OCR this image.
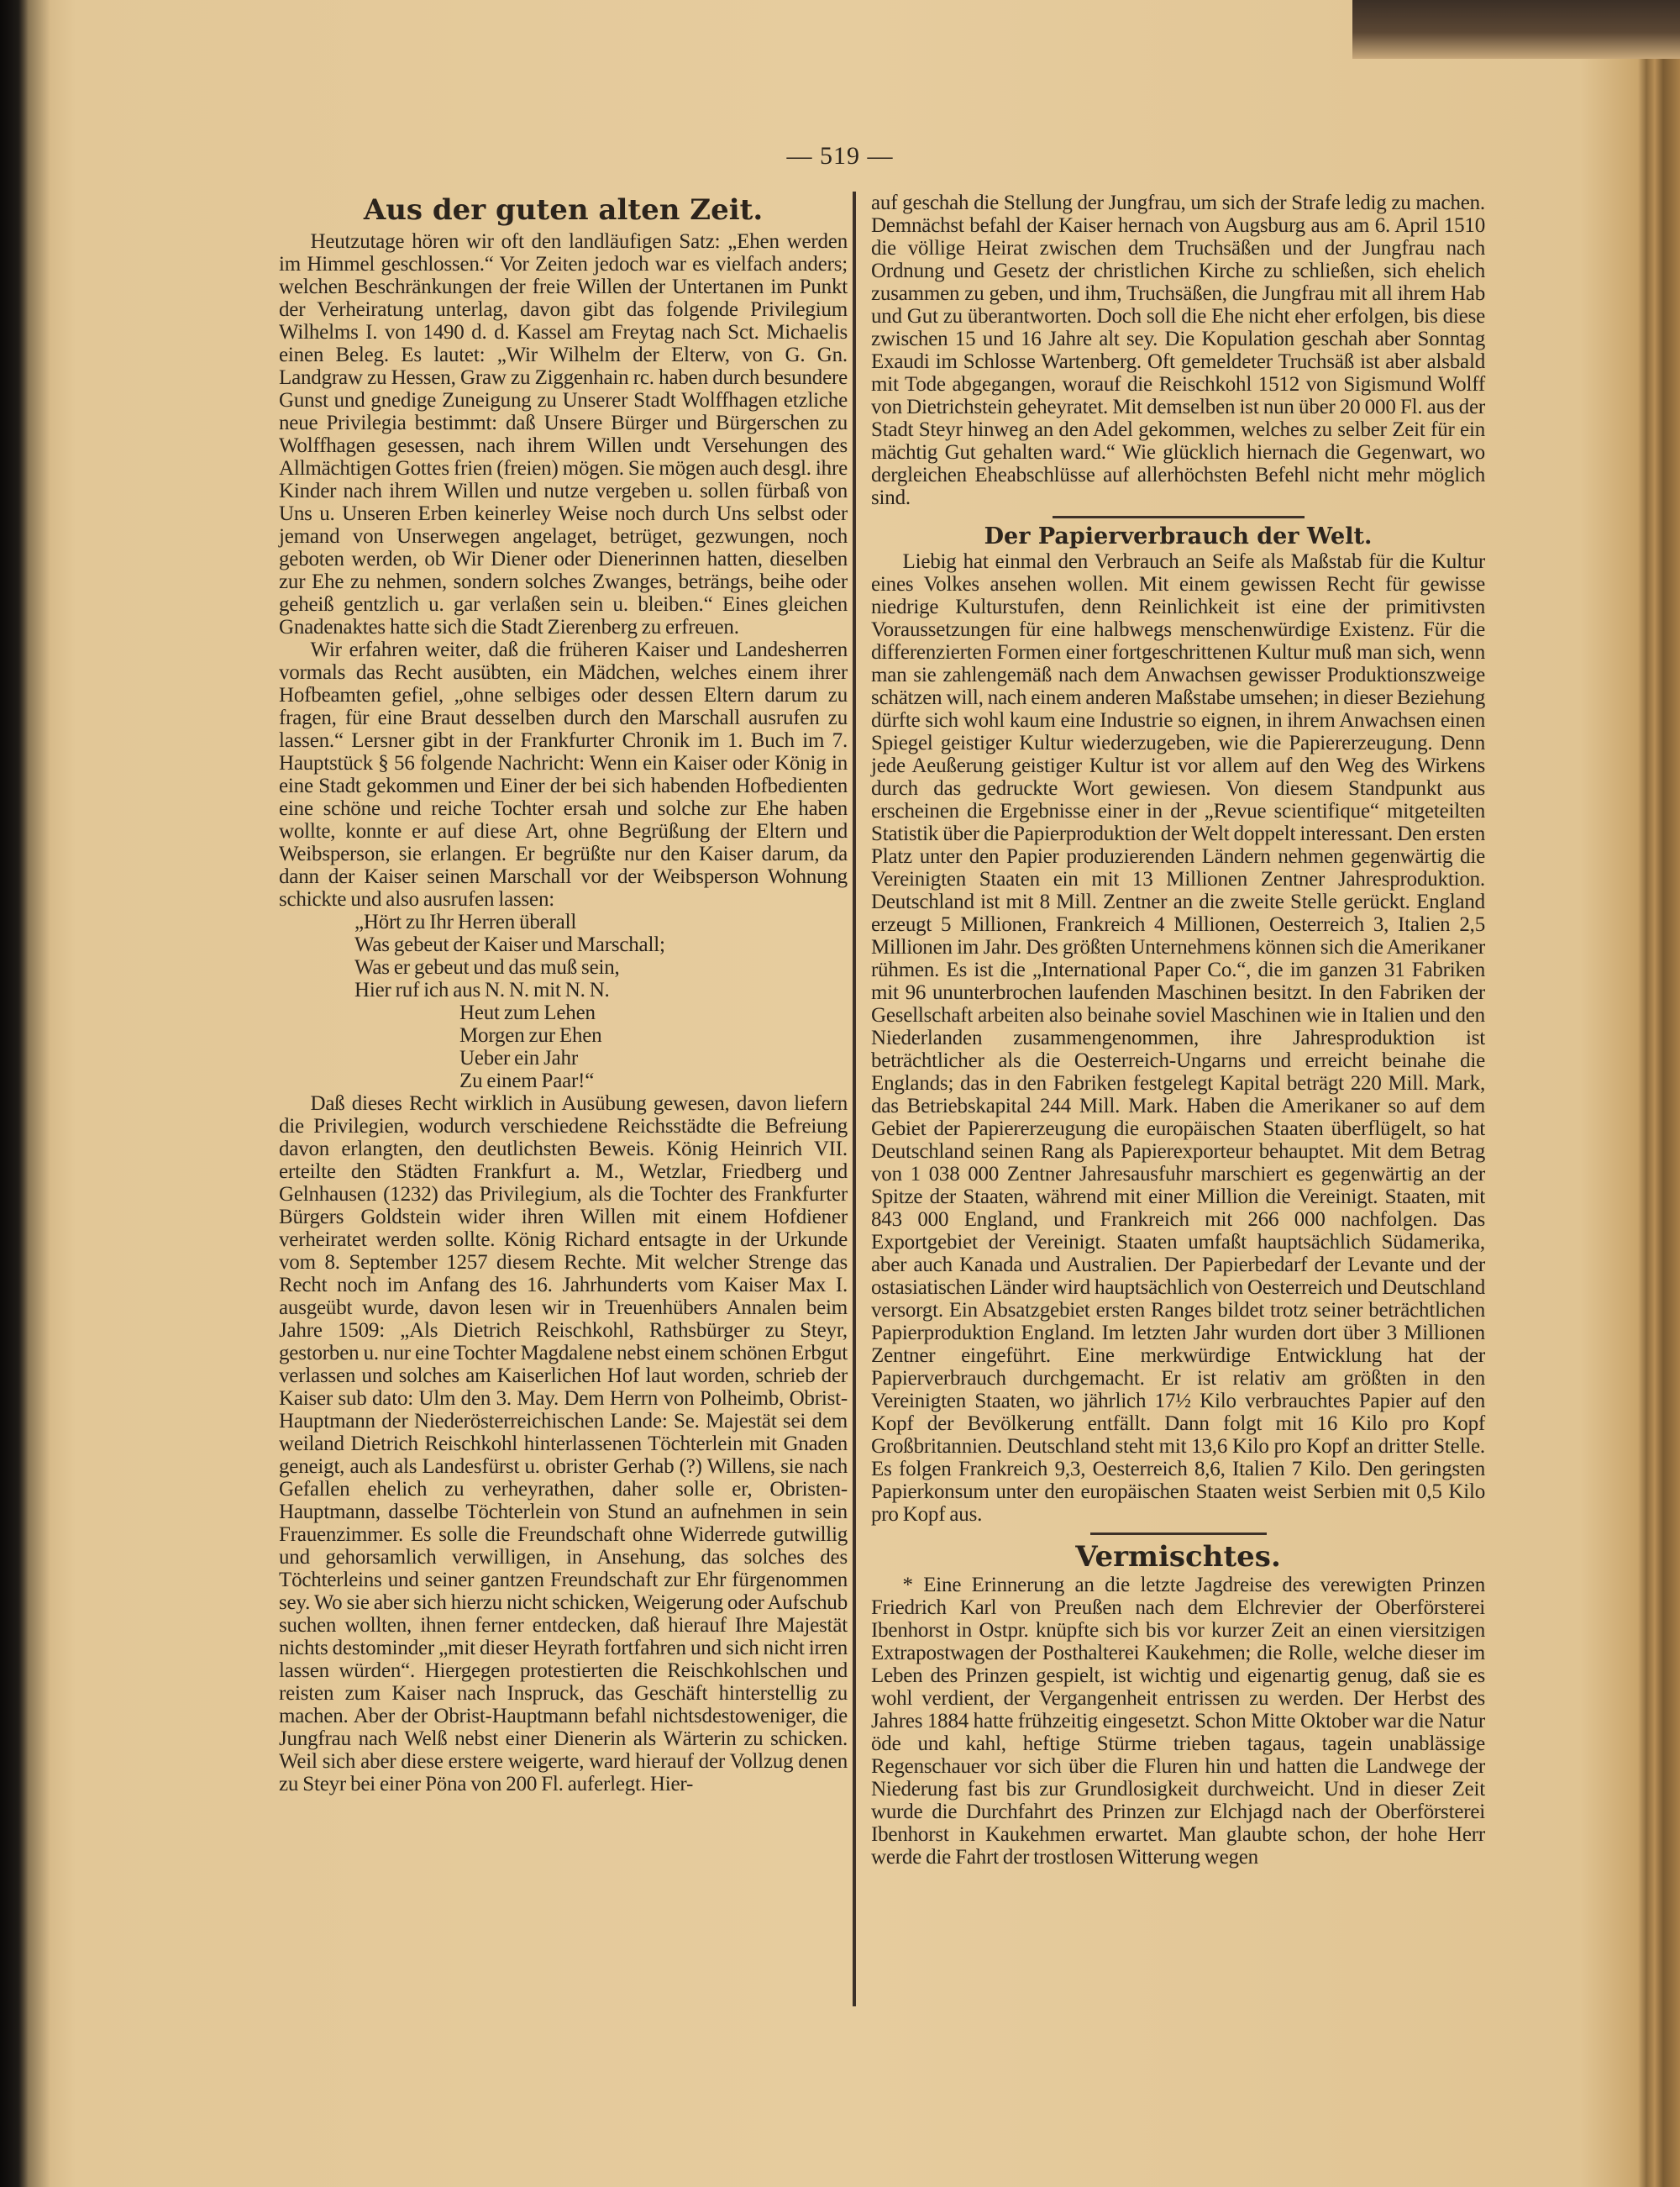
— 519 —
Aus der guten alten Zeit.

Heutzutage hören wir oft den landläufigen Satz: „Ehen werden im Himmel geschlossen.“ Vor Zeiten jedoch war es vielfach anders; welchen Beschränkungen der freie Willen der Untertanen im Punkt der Verheiratung unterlag, davon gibt das folgende Privilegium Wilhelms I. von 1490 d. d. Kassel am Freytag nach Sct. Michaelis einen Beleg. Es lautet: „Wir Wilhelm der Elterw, von G. Gn. Landgraw zu Hessen, Graw zu Ziggenhain rc. haben durch besundere Gunst und gnedige Zuneigung zu Unserer Stadt Wolffhagen etzliche neue Privilegia bestimmt: daß Unsere Bürger und Bürgerschen zu Wolffhagen gesessen, nach ihrem Willen undt Versehungen des Allmächtigen Gottes frien (freien) mögen. Sie mögen auch desgl. ihre Kinder nach ihrem Willen und nutze vergeben u. sollen fürbaß von Uns u. Unseren Erben keinerley Weise noch durch Uns selbst oder jemand von Unserwegen angelaget, betrüget, gezwungen, noch geboten werden, ob Wir Diener oder Dienerinnen hatten, dieselben zur Ehe zu nehmen, sondern solches Zwanges, beträngs, beihe oder geheiß gentzlich u. gar verlaßen sein u. bleiben.“ Eines gleichen Gnadenaktes hatte sich die Stadt Zierenberg zu erfreuen.

Wir erfahren weiter, daß die früheren Kaiser und Landesherren vormals das Recht ausübten, ein Mädchen, welches einem ihrer Hofbeamten gefiel, „ohne selbiges oder dessen Eltern darum zu fragen, für eine Braut desselben durch den Marschall ausrufen zu lassen.“ Lersner gibt in der Frankfurter Chronik im 1. Buch im 7. Hauptstück § 56 folgende Nachricht: Wenn ein Kaiser oder König in eine Stadt gekommen und Einer der bei sich habenden Hofbedienten eine schöne und reiche Tochter ersah und solche zur Ehe haben wollte, konnte er auf diese Art, ohne Begrüßung der Eltern und Weibsperson, sie erlangen. Er begrüßte nur den Kaiser darum, da dann der Kaiser seinen Marschall vor der Weibsperson Wohnung schickte und also ausrufen lassen:

„Hört zu Ihr Herren überall
Was gebeut der Kaiser und Marschall;
Was er gebeut und das muß sein,
Hier ruf ich aus N. N. mit N. N.
Heut zum Lehen
Morgen zur Ehen
Ueber ein Jahr
Zu einem Paar!“

Daß dieses Recht wirklich in Ausübung gewesen, davon liefern die Privilegien, wodurch verschiedene Reichsstädte die Befreiung davon erlangten, den deutlichsten Beweis. König Heinrich VII. erteilte den Städten Frankfurt a. M., Wetzlar, Friedberg und Gelnhausen (1232) das Privilegium, als die Tochter des Frankfurter Bürgers Goldstein wider ihren Willen mit einem Hofdiener verheiratet werden sollte. König Richard entsagte in der Urkunde vom 8. September 1257 diesem Rechte. Mit welcher Strenge das Recht noch im Anfang des 16. Jahrhunderts vom Kaiser Max I. ausgeübt wurde, davon lesen wir in Treuenhübers Annalen beim Jahre 1509: „Als Dietrich Reischkohl, Rathsbürger zu Steyr, gestorben u. nur eine Tochter Magdalene nebst einem schönen Erbgut verlassen und solches am Kaiserlichen Hof laut worden, schrieb der Kaiser sub dato: Ulm den 3. May. Dem Herrn von Polheimb, Obrist-Hauptmann der Niederösterreichischen Lande: Se. Majestät sei dem weiland Dietrich Reischkohl hinterlassenen Töchterlein mit Gnaden geneigt, auch als Landesfürst u. obrister Gerhab (?) Willens, sie nach Gefallen ehelich zu verheyrathen, daher solle er, Obristen-Hauptmann, dasselbe Töchterlein von Stund an aufnehmen in sein Frauenzimmer. Es solle die Freundschaft ohne Widerrede gutwillig und gehorsamlich verwilligen, in Ansehung, das solches des Töchterleins und seiner gantzen Freundschaft zur Ehr fürgenommen sey. Wo sie aber sich hierzu nicht schicken, Weigerung oder Aufschub suchen wollten, ihnen ferner entdecken, daß hierauf Ihre Majestät nichts destominder „mit dieser Heyrath fortfahren und sich nicht irren lassen würden“. Hiergegen protestierten die Reischkohlschen und reisten zum Kaiser nach Inspruck, das Geschäft hinterstellig zu machen. Aber der Obrist-Hauptmann befahl nichtsdestoweniger, die Jungfrau nach Welß nebst einer Dienerin als Wärterin zu schicken. Weil sich aber diese erstere weigerte, ward hierauf der Vollzug denen zu Steyr bei einer Pöna von 200 Fl. auferlegt. Hier-

auf geschah die Stellung der Jungfrau, um sich der Strafe ledig zu machen. Demnächst befahl der Kaiser hernach von Augsburg aus am 6. April 1510 die völlige Heirat zwischen dem Truchsäßen und der Jungfrau nach Ordnung und Gesetz der christlichen Kirche zu schließen, sich ehelich zusammen zu geben, und ihm, Truchsäßen, die Jungfrau mit all ihrem Hab und Gut zu überantworten. Doch soll die Ehe nicht eher erfolgen, bis diese zwischen 15 und 16 Jahre alt sey. Die Kopulation geschah aber Sonntag Exaudi im Schlosse Wartenberg. Oft gemeldeter Truchsäß ist aber alsbald mit Tode abgegangen, worauf die Reischkohl 1512 von Sigismund Wolff von Dietrichstein geheyratet. Mit demselben ist nun über 20 000 Fl. aus der Stadt Steyr hinweg an den Adel gekommen, welches zu selber Zeit für ein mächtig Gut gehalten ward.“ Wie glücklich hiernach die Gegenwart, wo dergleichen Eheabschlüsse auf allerhöchsten Befehl nicht mehr möglich sind.

Der Papierverbrauch der Welt.

Liebig hat einmal den Verbrauch an Seife als Maßstab für die Kultur eines Volkes ansehen wollen. Mit einem gewissen Recht für gewisse niedrige Kulturstufen, denn Reinlichkeit ist eine der primitivsten Voraussetzungen für eine halbwegs menschenwürdige Existenz. Für die differenzierten Formen einer fortgeschrittenen Kultur muß man sich, wenn man sie zahlengemäß nach dem Anwachsen gewisser Produktionszweige schätzen will, nach einem anderen Maßstabe umsehen; in dieser Beziehung dürfte sich wohl kaum eine Industrie so eignen, in ihrem Anwachsen einen Spiegel geistiger Kultur wiederzugeben, wie die Papiererzeugung. Denn jede Aeußerung geistiger Kultur ist vor allem auf den Weg des Wirkens durch das gedruckte Wort gewiesen. Von diesem Standpunkt aus erscheinen die Ergebnisse einer in der „Revue scientifique“ mitgeteilten Statistik über die Papierproduktion der Welt doppelt interessant. Den ersten Platz unter den Papier produzierenden Ländern nehmen gegenwärtig die Vereinigten Staaten ein mit 13 Millionen Zentner Jahresproduktion. Deutschland ist mit 8 Mill. Zentner an die zweite Stelle gerückt. England erzeugt 5 Millionen, Frankreich 4 Millionen, Oesterreich 3, Italien 2,5 Millionen im Jahr. Des größten Unternehmens können sich die Amerikaner rühmen. Es ist die „International Paper Co.“, die im ganzen 31 Fabriken mit 96 ununterbrochen laufenden Maschinen besitzt. In den Fabriken der Gesellschaft arbeiten also beinahe soviel Maschinen wie in Italien und den Niederlanden zusammengenommen, ihre Jahresproduktion ist beträchtlicher als die Oesterreich-Ungarns und erreicht beinahe die Englands; das in den Fabriken festgelegt Kapital beträgt 220 Mill. Mark, das Betriebskapital 244 Mill. Mark. Haben die Amerikaner so auf dem Gebiet der Papiererzeugung die europäischen Staaten überflügelt, so hat Deutschland seinen Rang als Papierexporteur behauptet. Mit dem Betrag von 1 038 000 Zentner Jahresausfuhr marschiert es gegenwärtig an der Spitze der Staaten, während mit einer Million die Vereinigt. Staaten, mit 843 000 England, und Frankreich mit 266 000 nachfolgen. Das Exportgebiet der Vereinigt. Staaten umfaßt hauptsächlich Südamerika, aber auch Kanada und Australien. Der Papierbedarf der Levante und der ostasiatischen Länder wird hauptsächlich von Oesterreich und Deutschland versorgt. Ein Absatzgebiet ersten Ranges bildet trotz seiner beträchtlichen Papierproduktion England. Im letzten Jahr wurden dort über 3 Millionen Zentner eingeführt. Eine merkwürdige Entwicklung hat der Papierverbrauch durchgemacht. Er ist relativ am größten in den Vereinigten Staaten, wo jährlich 17½ Kilo verbrauchtes Papier auf den Kopf der Bevölkerung entfällt. Dann folgt mit 16 Kilo pro Kopf Großbritannien. Deutschland steht mit 13,6 Kilo pro Kopf an dritter Stelle. Es folgen Frankreich 9,3, Oesterreich 8,6, Italien 7 Kilo. Den geringsten Papierkonsum unter den europäischen Staaten weist Serbien mit 0,5 Kilo pro Kopf aus.

Vermischtes.

* Eine Erinnerung an die letzte Jagdreise des verewigten Prinzen Friedrich Karl von Preußen nach dem Elchrevier der Oberförsterei Ibenhorst in Ostpr. knüpfte sich bis vor kurzer Zeit an einen viersitzigen Extrapostwagen der Posthalterei Kaukehmen; die Rolle, welche dieser im Leben des Prinzen gespielt, ist wichtig und eigenartig genug, daß sie es wohl verdient, der Vergangenheit entrissen zu werden. Der Herbst des Jahres 1884 hatte frühzeitig eingesetzt. Schon Mitte Oktober war die Natur öde und kahl, heftige Stürme trieben tagaus, tagein unablässige Regenschauer vor sich über die Fluren hin und hatten die Landwege der Niederung fast bis zur Grundlosigkeit durchweicht. Und in dieser Zeit wurde die Durchfahrt des Prinzen zur Elchjagd nach der Oberförsterei Ibenhorst in Kaukehmen erwartet. Man glaubte schon, der hohe Herr werde die Fahrt der trostlosen Witterung wegen
